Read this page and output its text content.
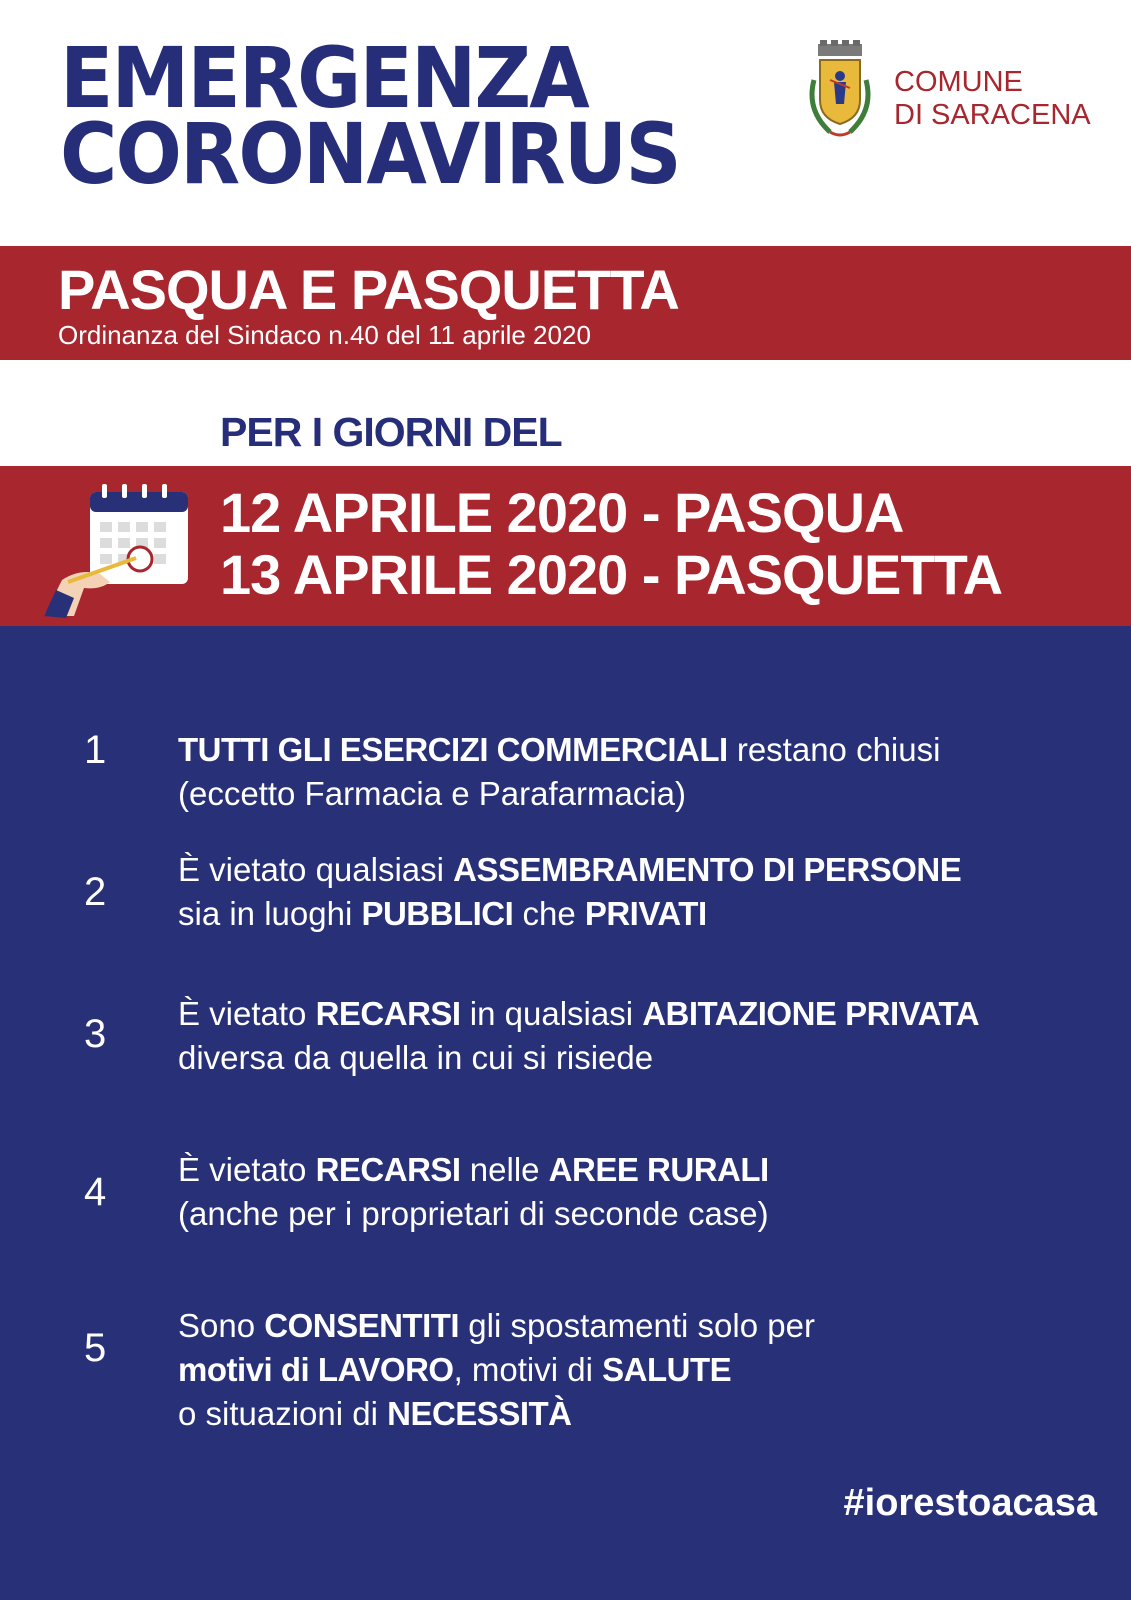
EMERGENZA
CORONAVIRUS
COMUNE
DI SARACENA
PASQUA E PASQUETTA
Ordinanza del Sindaco n.40 del 11 aprile 2020
PER I GIORNI DEL
12 APRILE 2020 - PASQUA
13 APRILE 2020 - PASQUETTA
1 TUTTI GLI ESERCIZI COMMERCIALI restano chiusi
(eccetto Farmacia e Parafarmacia)
2
È vietato qualsiasi ASSEMBRAMENTO DI PERSONE
sia in luoghi PUBBLICI che PRIVATI
3 È vietato RECARSI in qualsiasi ABITAZIONE PRIVATA
diversa da quella in cui si risiede
4
È vietato RECARSI nelle AREE RURALI
(anche per i proprietari di seconde case)
5
Sono CONSENTITI gli spostamenti solo per
motivi di LAVORO, motivi di SALUTE
o situazioni di NECESSITÀ
#iorestoacasa
